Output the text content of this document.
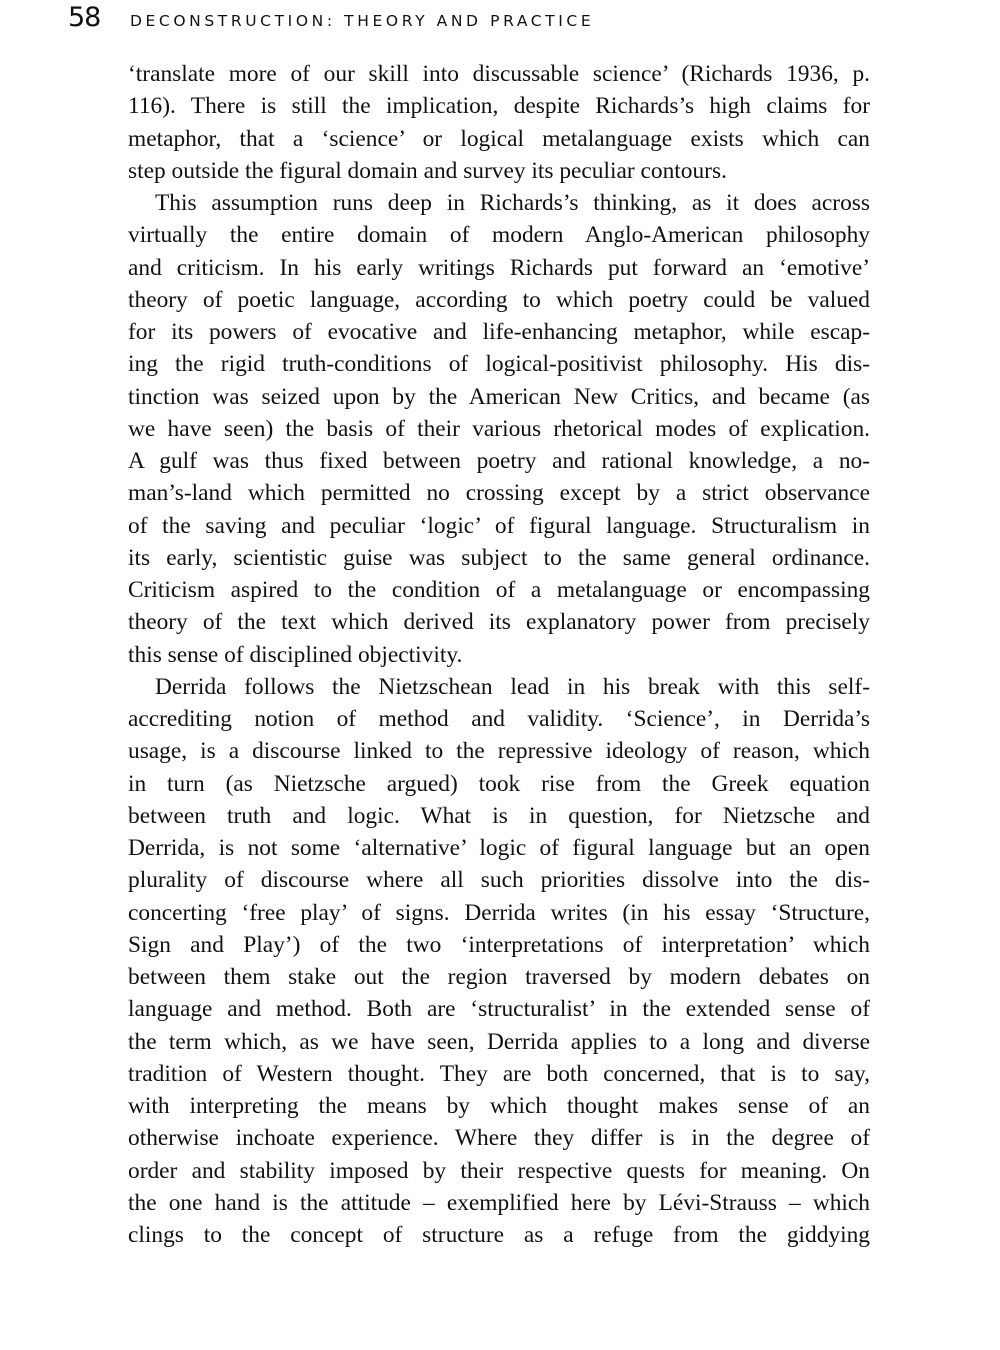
58	DECONSTRUCTION: THEORY AND PRACTICE
‘translate more of our skill into discussable science’ (Richards 1936, p.
116). There is still the implication, despite Richards’s high claims for
metaphor, that a ‘science’ or logical metalanguage exists which can
step outside the figural domain and survey its peculiar contours.
This assumption runs deep in Richards’s thinking, as it does across
virtually the entire domain of modern Anglo-American philosophy
and criticism. In his early writings Richards put forward an ‘emotive’
theory of poetic language, according to which poetry could be valued
for its powers of evocative and life-enhancing metaphor, while escap-
ing the rigid truth-conditions of logical-positivist philosophy. His dis-
tinction was seized upon by the American New Critics, and became (as
we have seen) the basis of their various rhetorical modes of explication.
A gulf was thus fixed between poetry and rational knowledge, a no-
man’s-land which permitted no crossing except by a strict observance
of the saving and peculiar ‘logic’ of figural language. Structuralism in
its early, scientistic guise was subject to the same general ordinance.
Criticism aspired to the condition of a metalanguage or encompassing
theory of the text which derived its explanatory power from precisely
this sense of disciplined objectivity.
Derrida follows the Nietzschean lead in his break with this self-
accrediting notion of method and validity. ‘Science’, in Derrida’s
usage, is a discourse linked to the repressive ideology of reason, which
in turn (as Nietzsche argued) took rise from the Greek equation
between truth and logic. What is in question, for Nietzsche and
Derrida, is not some ‘alternative’ logic of figural language but an open
plurality of discourse where all such priorities dissolve into the dis-
concerting ‘free play’ of signs. Derrida writes (in his essay ‘Structure,
Sign and Play’) of the two ‘interpretations of interpretation’ which
between them stake out the region traversed by modern debates on
language and method. Both are ‘structuralist’ in the extended sense of
the term which, as we have seen, Derrida applies to a long and diverse
tradition of Western thought. They are both concerned, that is to say,
with interpreting the means by which thought makes sense of an
otherwise inchoate experience. Where they differ is in the degree of
order and stability imposed by their respective quests for meaning. On
the one hand is the attitude – exemplified here by Lévi-Strauss – which
clings to the concept of structure as a refuge from the giddying
